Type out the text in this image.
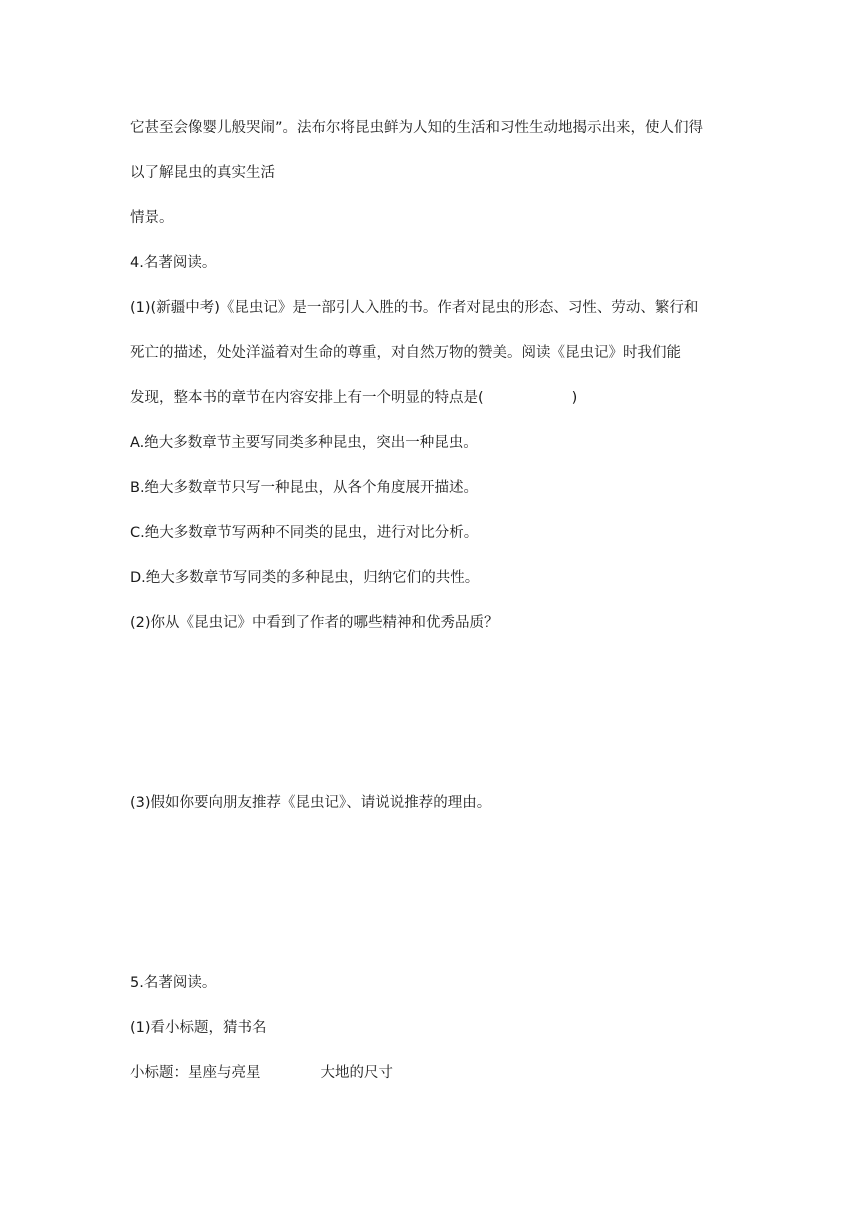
它甚至会像婴儿般哭闹”。法布尔将昆虫鲜为人知的生活和习性生动地揭示出来，使人们得
以了解昆虫的真实生活
情景。
4.名著阅读。
(1)(新疆中考)《昆虫记》是一部引人入胜的书。作者对昆虫的形态、习性、劳动、繁行和
死亡的描述，处处洋溢着对生命的尊重，对自然万物的赞美。阅读《昆虫记》时我们能
发现，整本书的章节在内容安排上有一个明显的特点是(	)
A.绝大多数章节主要写同类多种昆虫，突出一种昆虫。
B.绝大多数章节只写一种昆虫，从各个角度展开描述。
C.绝大多数章节写两种不同类的昆虫，进行对比分析。
D.绝大多数章节写同类的多种昆虫，归纳它们的共性。
(2)你从《昆虫记》中看到了作者的哪些精神和优秀品质？
(3)假如你要向朋友推荐《昆虫记》、请说说推荐的理由。
5.名著阅读。
(1)看小标题，猜书名
小标题：星座与亮星	大地的尺寸
